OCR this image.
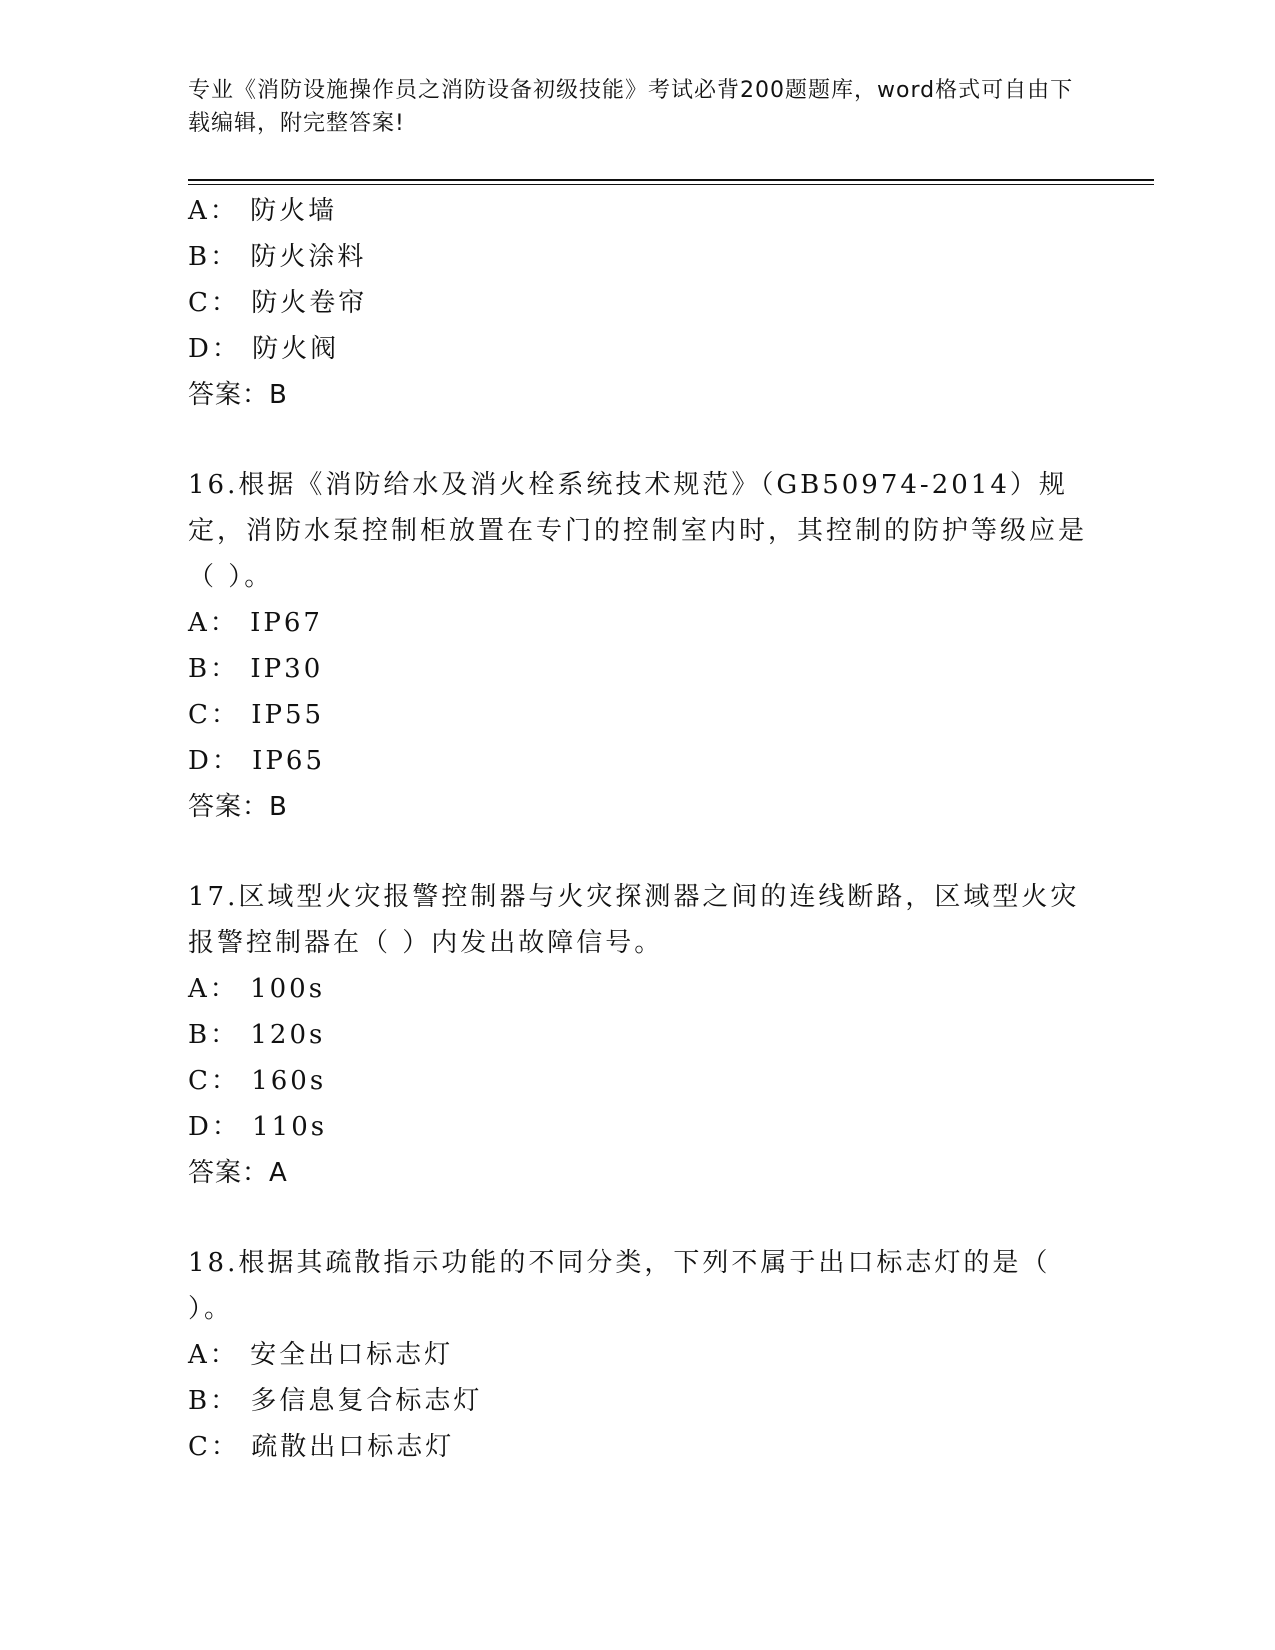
专业《消防设施操作员之消防设备初级技能》考试必背200题题库，word格式可自由下载编辑，附完整答案!
A： 防火墙
B： 防火涂料
C： 防火卷帘
D： 防火阀
答案：B
16.根据《消防给水及消火栓系统技术规范》（GB50974-2014）规定，消防水泵控制柜放置在专门的控制室内时，其控制的防护等级应是（ ）。
A： IP67
B： IP30
C： IP55
D： IP65
答案：B
17.区域型火灾报警控制器与火灾探测器之间的连线断路，区域型火灾报警控制器在（ ）内发出故障信号。
A： 100s
B： 120s
C： 160s
D： 110s
答案：A
18.根据其疏散指示功能的不同分类，下列不属于出口标志灯的是（ ）。
A： 安全出口标志灯
B： 多信息复合标志灯
C： 疏散出口标志灯
